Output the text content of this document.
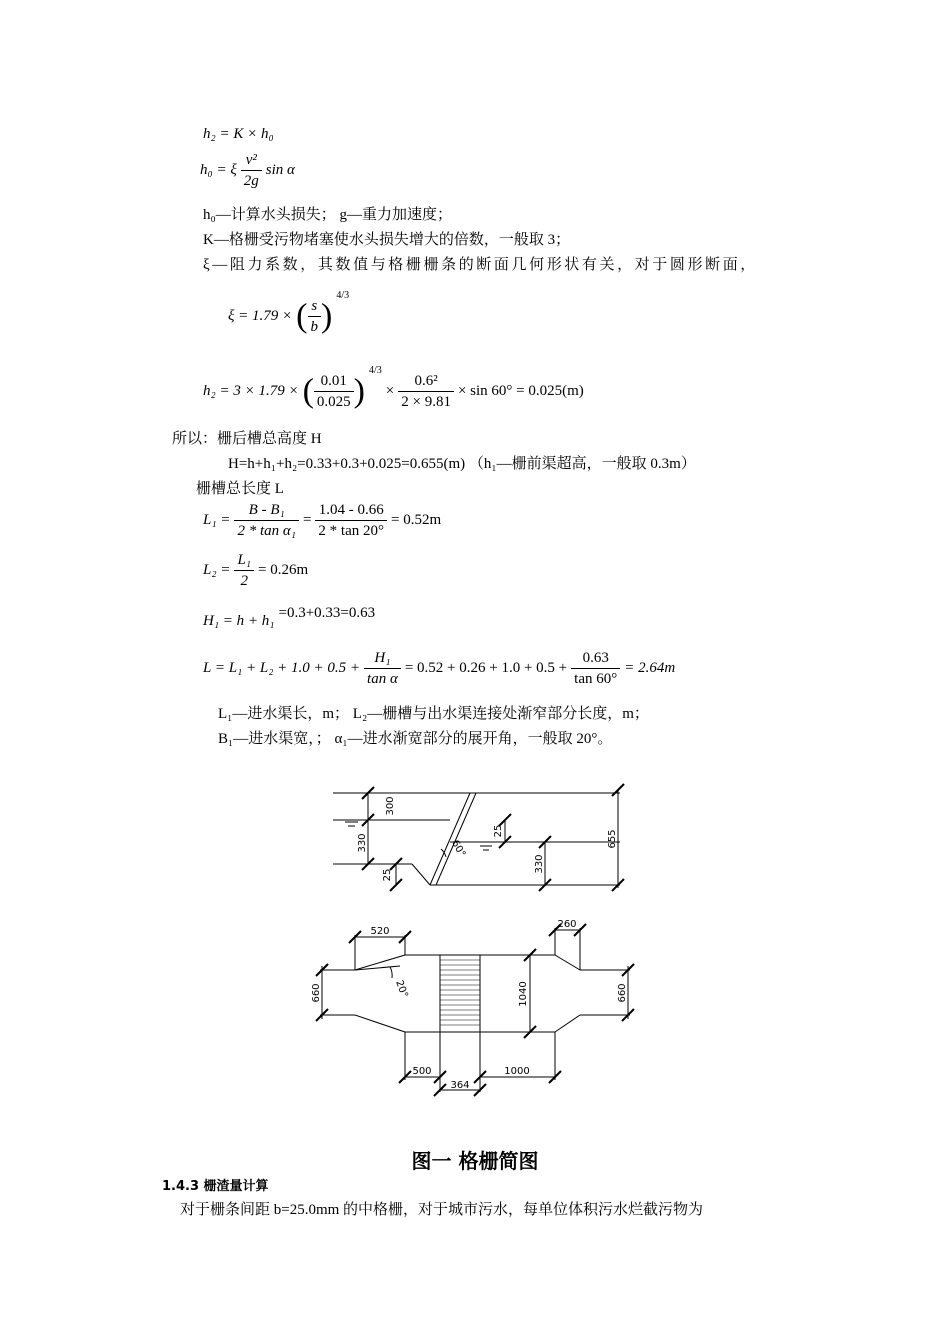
h₂ = K × h₀
h₀ = ξ $\frac{\text{v²}}{2g}$ sin α
h₀—计算水头损失； g—重力加速度；
K—格栅受污物堵塞使水头损失增大的倍数，一般取 3；
ξ—阻力系数，其数值与格栅栅条的断面几何形状有关，对于圆形断面，
ξ = 1.79 × ( $\frac{s}{b}$ ) $^{4/3}$
h₂ = 3 × 1.79 × ( $\frac{0.01}{0.025}$ ) $^{4/3} \times \frac{\text{0.6²}}{2 \times 9.81} \times \sin 60^\circ = 0.025(m)$
所以：栅后槽总高度 H
H=h+h₁+h₂=0.33+0.3+0.025=0.655(m) （h₁—栅前渠超高，一般取 0.3m）
栅槽总长度 L
$L_1 = \frac{\text{B - B₁}}{\text{2 * tan α₁}} = \frac{1.04 - 0.66}{2 * \tan 20^\circ} = 0.52m$
$L_2 = \frac{\text{L₁}}{2} = 0.26m$
H₁ = h + h₁ =0.3+0.33=0.63
$L = L_1 + L_2 + 1.0 + 0.5 + \frac{\text{H₁}}{\text{tan α}} = 0.52 + 0.26 + 1.0 + 0.5 + \frac{0.63}{\tan 60^\circ} = 2.64m$
L₁—进水渠长，m； L₂—栅槽与出水渠连接处渐窄部分长度，m；
B₁—进水渠宽，； α₁—进水渐宽部分的展开角，一般取 20°。
300
330
25
60°
25
330
655
520
260
660	20°	1040	660
500
364
1000
图一 格栅简图
1.4.3 栅渣量计算
对于栅条间距 b=25.0mm 的中格栅，对于城市污水，每单位体积污水烂截污物为
